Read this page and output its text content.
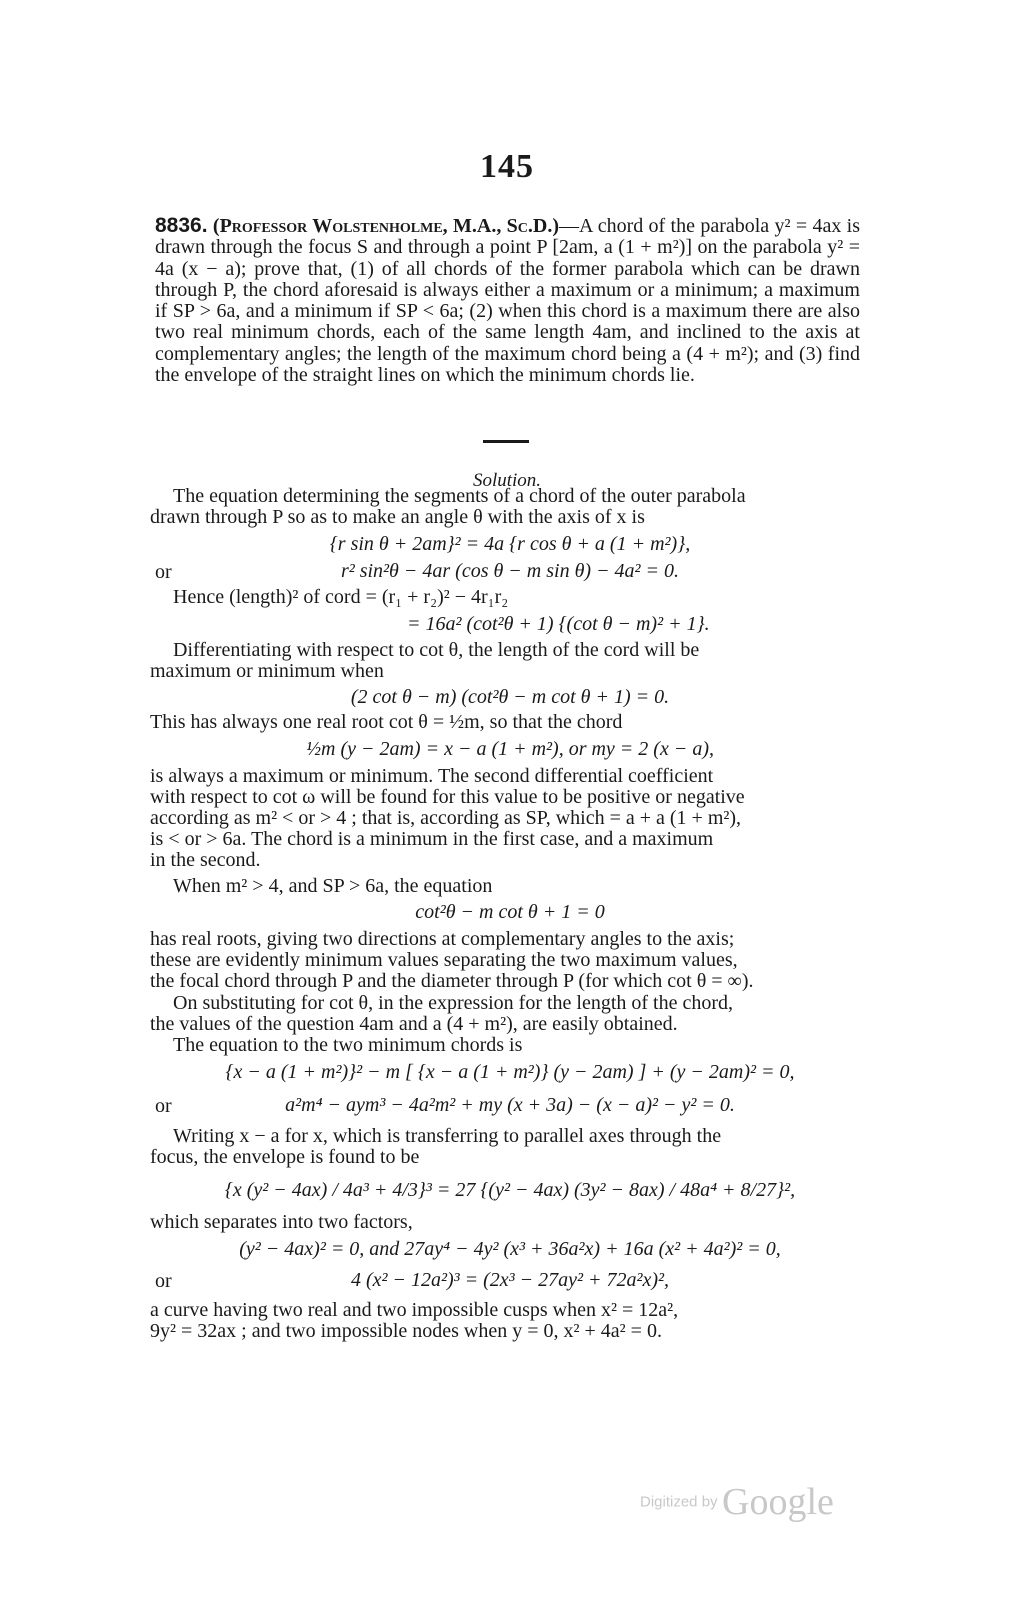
145
8836. (Professor Wolstenholme, M.A., Sc.D.)—A chord of the parabola y² = 4ax is drawn through the focus S and through a point P [2am, a (1 + m²)] on the parabola y² = 4a (x − a); prove that, (1) of all chords of the former parabola which can be drawn through P, the chord aforesaid is always either a maximum or a minimum; a maximum if SP > 6a, and a minimum if SP < 6a; (2) when this chord is a maximum there are also two real minimum chords, each of the same length 4am, and inclined to the axis at complementary angles; the length of the maximum chord being a (4 + m²); and (3) find the envelope of the straight lines on which the minimum chords lie.
Solution.
The equation determining the segments of a chord of the outer parabola
drawn through P so as to make an angle θ with the axis of x is
{r sin θ + 2am}² = 4a {r cos θ + a (1 + m²)},
or	r² sin²θ − 4ar (cos θ − m sin θ) − 4a² = 0.
Hence (length)² of cord = (r₁ + r₂)² − 4r₁r₂
= 16a² (cot²θ + 1) {(cot θ − m)² + 1}.
Differentiating with respect to cot θ, the length of the cord will be
maximum or minimum when
(2 cot θ − m) (cot²θ − m cot θ + 1) = 0.
This has always one real root cot θ = ½m, so that the chord
½m (y − 2am) = x − a (1 + m²), or my = 2 (x − a),
is always a maximum or minimum. The second differential coefficient
with respect to cot ω will be found for this value to be positive or negative
according as m² < or > 4 ; that is, according as SP, which = a + a (1 + m²),
is < or > 6a. The chord is a minimum in the first case, and a maximum
in the second.
When m² > 4, and SP > 6a, the equation
cot²θ − m cot θ + 1 = 0
has real roots, giving two directions at complementary angles to the axis;
these are evidently minimum values separating the two maximum values,
the focal chord through P and the diameter through P (for which cot θ = ∞).
On substituting for cot θ, in the expression for the length of the chord,
the values of the question 4am and a (4 + m²), are easily obtained.
The equation to the two minimum chords is
{x − a (1 + m²)}² − m [ {x − a (1 + m²)} (y − 2am) ] + (y − 2am)² = 0,
or	a²m⁴ − aym³ − 4a²m² + my (x + 3a) − (x − a)² − y² = 0.
Writing x − a for x, which is transferring to parallel axes through the
focus, the envelope is found to be
{x (y² − 4ax) / 4a³ + 4/3}³ = 27 {(y² − 4ax) (3y² − 8ax) / 48a⁴ + 8/27}²,
which separates into two factors,
(y² − 4ax)² = 0, and 27ay⁴ − 4y² (x³ + 36a²x) + 16a (x² + 4a²)² = 0,
or	4 (x² − 12a²)³ = (2x³ − 27ay² + 72a²x)²,
a curve having two real and two impossible cusps when x² = 12a²,
9y² = 32ax ; and two impossible nodes when y = 0, x² + 4a² = 0.
Digitized by Google
